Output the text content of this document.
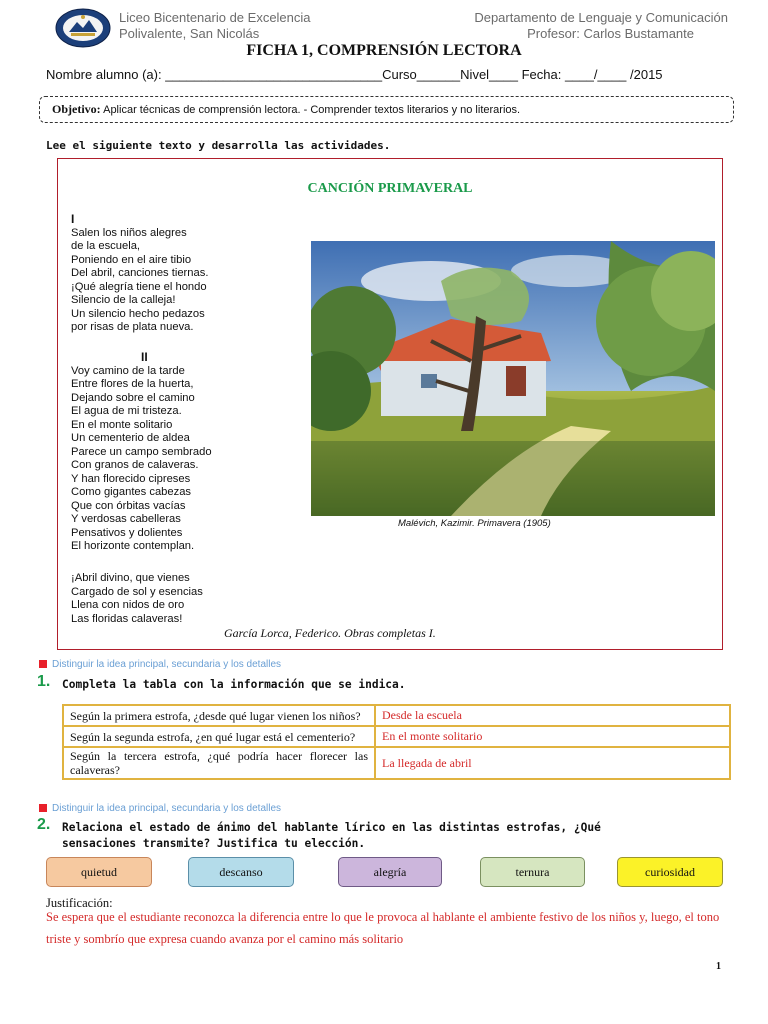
Liceo Bicentenario de Excelencia
Polivalente, San Nicolás
Departamento de Lenguaje y Comunicación
Profesor: Carlos Bustamante
FICHA 1, COMPRENSIÓN LECTORA
Nombre alumno (a): ______________________________Curso______Nivel____ Fecha: ____/____ /2015
Objetivo: Aplicar técnicas de comprensión lectora. - Comprender textos literarios y no literarios.
Lee el siguiente texto y desarrolla las actividades.
CANCIÓN PRIMAVERAL
I
Salen los niños alegres
de la escuela,
Poniendo en el aire tibio
Del abril, canciones tiernas.
¡Qué alegría tiene el hondo
Silencio de la calleja!
Un silencio hecho pedazos
por risas de plata nueva.
II
Voy camino de la tarde
Entre flores de la huerta,
Dejando sobre el camino
El agua de mi tristeza.
En el monte solitario
Un cementerio de aldea
Parece un campo sembrado
Con granos de calaveras.
Y han florecido cipreses
Como gigantes cabezas
Que con órbitas vacías
Y verdosas cabelleras
Pensativos y dolientes
El horizonte contemplan.
¡Abril divino, que vienes
Cargado de sol y esencias
Llena con nidos de oro
Las floridas calaveras!
García Lorca, Federico. Obras completas I.
Malévich, Kazimir. Primavera (1905)
Distinguir la idea principal, secundaria y los detalles
1. Completa la tabla con la información que se indica.
Según la primera estrofa, ¿desde qué lugar vienen los niños?	Desde la escuela
Según la segunda estrofa, ¿en qué lugar está el cementerio?	En el monte solitario
Según la tercera estrofa, ¿qué podría hacer florecer las calaveras?	La llegada de abril
Distinguir la idea principal, secundaria y los detalles
2. Relaciona el estado de ánimo del hablante lírico en las distintas estrofas, ¿Qué
sensaciones transmite? Justifica tu elección.
quietud	descanso	alegría	ternura	curiosidad
Justificación:
Se espera que el estudiante reconozca la diferencia entre lo que le provoca al hablante el ambiente festivo de los niños y, luego, el tono triste y sombrío que expresa cuando avanza por el camino más solitario
1
